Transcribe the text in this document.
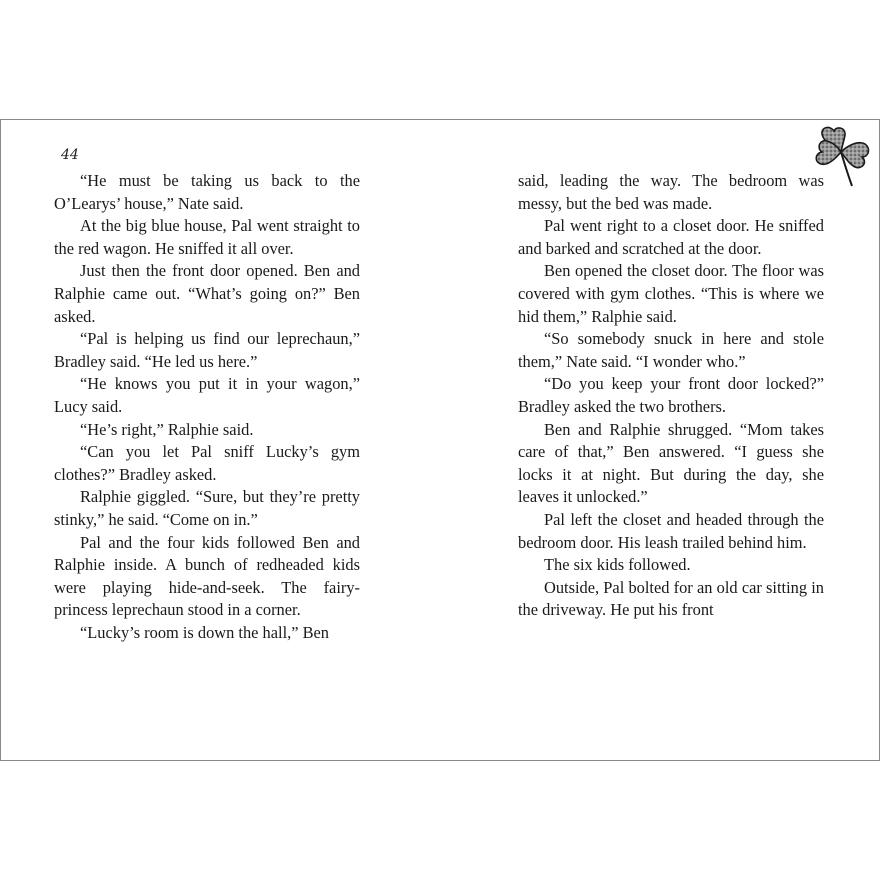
44

“He must be taking us back to the O’Learys’ house,” Nate said.

At the big blue house, Pal went straight to the red wagon. He sniffed it all over.

Just then the front door opened. Ben and Ralphie came out. “What’s going on?” Ben asked.

“Pal is helping us find our leprechaun,” Bradley said. “He led us here.”

“He knows you put it in your wagon,” Lucy said.

“He’s right,” Ralphie said.

“Can you let Pal sniff Lucky’s gym clothes?” Bradley asked.

Ralphie giggled. “Sure, but they’re pretty stinky,” he said. “Come on in.”

Pal and the four kids followed Ben and Ralphie inside. A bunch of redheaded kids were playing hide-and-seek. The fairy-princess leprechaun stood in a corner.

“Lucky’s room is down the hall,” Ben

said, leading the way. The bedroom was messy, but the bed was made.

Pal went right to a closet door. He sniffed and barked and scratched at the door.

Ben opened the closet door. The floor was covered with gym clothes. “This is where we hid them,” Ralphie said.

“So somebody snuck in here and stole them,” Nate said. “I wonder who.”

“Do you keep your front door locked?” Bradley asked the two brothers.

Ben and Ralphie shrugged. “Mom takes care of that,” Ben answered. “I guess she locks it at night. But during the day, she leaves it unlocked.”

Pal left the closet and headed through the bedroom door. His leash trailed behind him.

The six kids followed.

Outside, Pal bolted for an old car sitting in the driveway. He put his front
